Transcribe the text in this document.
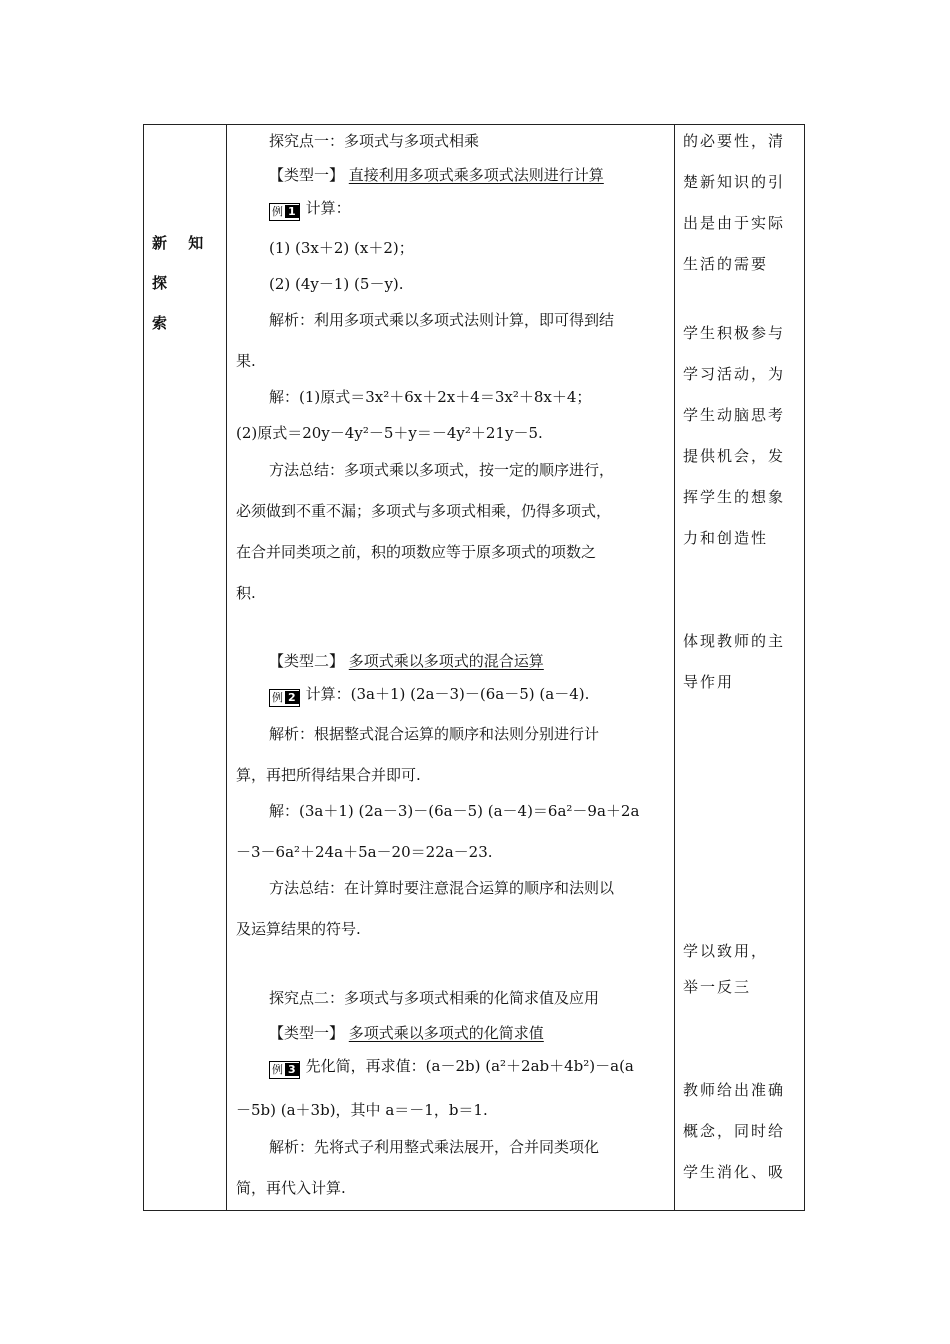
新 知 探
索
探究点一：多项式与多项式相乘
【类型一】 直接利用多项式乘多项式法则进行计算
例 1 计算：
(1) (3x＋2) (x＋2)；
(2) (4y－1) (5－y).
解析：利用多项式乘以多项式法则计算，即可得到结
果.
解：(1)原式＝3x²＋6x＋2x＋4＝3x²＋8x＋4；
(2)原式＝20y－4y²－5＋y＝－4y²＋21y－5.
方法总结：多项式乘以多项式，按一定的顺序进行，
必须做到不重不漏；多项式与多项式相乘，仍得多项式，
在合并同类项之前，积的项数应等于原多项式的项数之
积.
【类型二】 多项式乘以多项式的混合运算
例 2 计算：(3a＋1) (2a－3)－(6a－5) (a－4).
解析：根据整式混合运算的顺序和法则分别进行计
算，再把所得结果合并即可.
解：(3a＋1) (2a－3)－(6a－5) (a－4)＝6a²－9a＋2a
－3－6a²＋24a＋5a－20＝22a－23.
方法总结：在计算时要注意混合运算的顺序和法则以
及运算结果的符号.
探究点二：多项式与多项式相乘的化简求值及应用
【类型一】 多项式乘以多项式的化简求值
例 3 先化简，再求值：(a－2b) (a²＋2ab＋4b²)－a(a
－5b) (a＋3b)，其中 a＝－1，b＝1.
解析：先将式子利用整式乘法展开，合并同类项化
简，再代入计算.
的必要性，清
楚新知识的引
出是由于实际
生活的需要
学生积极参与
学习活动，为
学生动脑思考
提供机会，发
挥学生的想象
力和创造性
体现教师的主
导作用
学以致用，
举一反三
教师给出准确
概念，同时给
学生消化、吸
